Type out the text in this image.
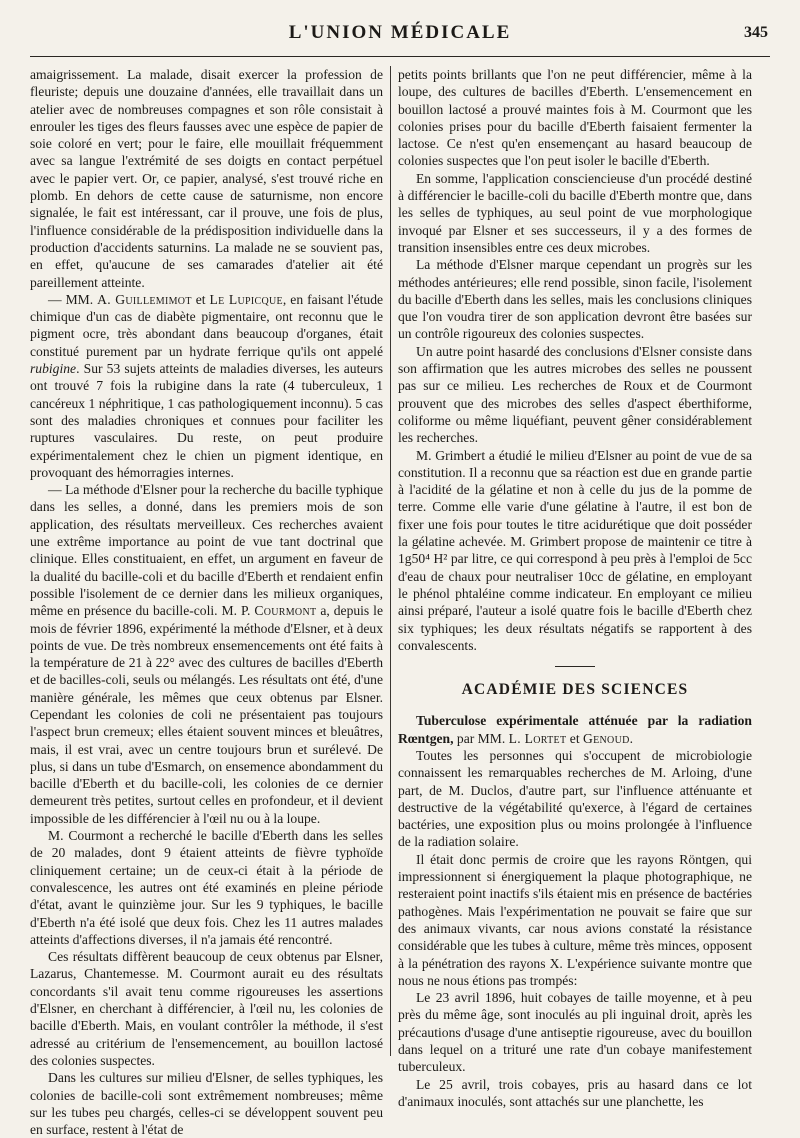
L'UNION MÉDICALE	345

amaigrissement. La malade, disait exercer la profession de fleuriste; depuis une douzaine d'années, elle travaillait dans un atelier avec de nombreuses compagnes et son rôle consistait à enrouler les tiges des fleurs fausses avec une espèce de papier de soie coloré en vert; pour le faire, elle mouillait fréquemment avec sa langue l'extrémité de ses doigts en contact perpétuel avec le papier vert. Or, ce papier, analysé, s'est trouvé riche en plomb. En dehors de cette cause de saturnisme, non encore signalée, le fait est intéressant, car il prouve, une fois de plus, l'influence considérable de la prédisposition individuelle dans la production d'accidents saturnins. La malade ne se souvient pas, en effet, qu'aucune de ses camarades d'atelier ait été pareillement atteinte.

— MM. A. Guillemimot et Le Lupicque, en faisant l'étude chimique d'un cas de diabète pigmentaire, ont reconnu que le pigment ocre, très abondant dans beaucoup d'organes, était constitué purement par un hydrate ferrique qu'ils ont appelé rubigine. Sur 53 sujets atteints de maladies diverses, les auteurs ont trouvé 7 fois la rubigine dans la rate (4 tuberculeux, 1 cancéreux 1 néphritique, 1 cas pathologiquement inconnu). 5 cas sont des maladies chroniques et connues pour faciliter les ruptures vasculaires. Du reste, on peut produire expérimentalement chez le chien un pigment identique, en provoquant des hémorragies internes.

— La méthode d'Elsner pour la recherche du bacille typhique dans les selles, a donné, dans les premiers mois de son application, des résultats merveilleux. Ces recherches avaient une extrême importance au point de vue tant doctrinal que clinique. Elles constituaient, en effet, un argument en faveur de la dualité du bacille-coli et du bacille d'Eberth et rendaient enfin possible l'isolement de ce dernier dans les milieux organiques, même en présence du bacille-coli. M. P. Courmont a, depuis le mois de février 1896, expérimenté la méthode d'Elsner, et à deux points de vue. De très nombreux ensemencements ont été faits à la température de 21 à 22° avec des cultures de bacilles d'Eberth et de bacilles-coli, seuls ou mélangés. Les résultats ont été, d'une manière générale, les mêmes que ceux obtenus par Elsner. Cependant les colonies de coli ne présentaient pas toujours l'aspect brun cremeux; elles étaient souvent minces et bleuâtres, mais, il est vrai, avec un centre toujours brun et surélevé. De plus, si dans un tube d'Esmarch, on ensemence abondamment du bacille d'Eberth et du bacille-coli, les colonies de ce dernier demeurent très petites, surtout celles en profondeur, et il devient impossible de les différencier à l'œil nu ou à la loupe.

M. Courmont a recherché le bacille d'Eberth dans les selles de 20 malades, dont 9 étaient atteints de fièvre typhoïde cliniquement certaine; un de ceux-ci était à la période de convalescence, les autres ont été examinés en pleine période d'état, avant le quinzième jour. Sur les 9 typhiques, le bacille d'Eberth n'a été isolé que deux fois. Chez les 11 autres malades atteints d'affections diverses, il n'a jamais été rencontré.

Ces résultats diffèrent beaucoup de ceux obtenus par Elsner, Lazarus, Chantemesse. M. Courmont aurait eu des résultats concordants s'il avait tenu comme rigoureuses les assertions d'Elsner, en cherchant à différencier, à l'œil nu, les colonies de bacille d'Eberth. Mais, en voulant contrôler la méthode, il s'est adressé au critérium de l'ensemencement, au bouillon lactosé des colonies suspectes.

Dans les cultures sur milieu d'Elsner, de selles typhiques, les colonies de bacille-coli sont extrêmement nombreuses; même sur les tubes peu chargés, celles-ci se développent souvent peu en surface, restent à l'état de

petits points brillants que l'on ne peut différencier, même à la loupe, des cultures de bacilles d'Eberth. L'ensemencement en bouillon lactosé a prouvé maintes fois à M. Courmont que les colonies prises pour du bacille d'Eberth faisaient fermenter la lactose. Ce n'est qu'en ensemençant au hasard beaucoup de colonies suspectes que l'on peut isoler le bacille d'Eberth.

En somme, l'application consciencieuse d'un procédé destiné à différencier le bacille-coli du bacille d'Eberth montre que, dans les selles de typhiques, au seul point de vue morphologique invoqué par Elsner et ses successeurs, il y a des formes de transition insensibles entre ces deux microbes.

La méthode d'Elsner marque cependant un progrès sur les méthodes antérieures; elle rend possible, sinon facile, l'isolement du bacille d'Eberth dans les selles, mais les conclusions cliniques que l'on voudra tirer de son application devront être basées sur un contrôle rigoureux des colonies suspectes.

Un autre point hasardé des conclusions d'Elsner consiste dans son affirmation que les autres microbes des selles ne poussent pas sur ce milieu. Les recherches de Roux et de Courmont prouvent que des microbes des selles d'aspect éberthiforme, coliforme ou même liquéfiant, peuvent gêner considérablement les recherches.

M. Grimbert a étudié le milieu d'Elsner au point de vue de sa constitution. Il a reconnu que sa réaction est due en grande partie à l'acidité de la gélatine et non à celle du jus de la pomme de terre. Comme elle varie d'une gélatine à l'autre, il est bon de fixer une fois pour toutes le titre acidurétique que doit posséder la gélatine achevée. M. Grimbert propose de maintenir ce titre à 1g50⁴ H² par litre, ce qui correspond à peu près à l'emploi de 5cc d'eau de chaux pour neutraliser 10cc de gélatine, en employant le phénol phtaléine comme indicateur. En employant ce milieu ainsi préparé, l'auteur a isolé quatre fois le bacille d'Eberth chez six typhiques; les deux résultats négatifs se rapportent à des convalescents.

ACADÉMIE DES SCIENCES

Tuberculose expérimentale atténuée par la radiation Rœntgen, par MM. L. Lortet et Genoud.

Toutes les personnes qui s'occupent de microbiologie connaissent les remarquables recherches de M. Arloing, d'une part, de M. Duclos, d'autre part, sur l'influence atténuante et destructive de la végétabilité qu'exerce, à l'égard de certaines bactéries, une exposition plus ou moins prolongée à l'influence de la radiation solaire.

Il était donc permis de croire que les rayons Röntgen, qui impressionnent si énergiquement la plaque photographique, ne resteraient point inactifs s'ils étaient mis en présence de bactéries pathogènes. Mais l'expérimentation ne pouvait se faire que sur des animaux vivants, car nous avions constaté la résistance considérable que les tubes à culture, même très minces, opposent à la pénétration des rayons X. L'expérience suivante montre que nous ne nous étions pas trompés:

Le 23 avril 1896, huit cobayes de taille moyenne, et à peu près du même âge, sont inoculés au pli inguinal droit, après les précautions d'usage d'une antiseptie rigoureuse, avec du bouillon dans lequel on a trituré une rate d'un cobaye manifestement tuberculeux.

Le 25 avril, trois cobayes, pris au hasard dans ce lot d'animaux inoculés, sont attachés sur une planchette, les
